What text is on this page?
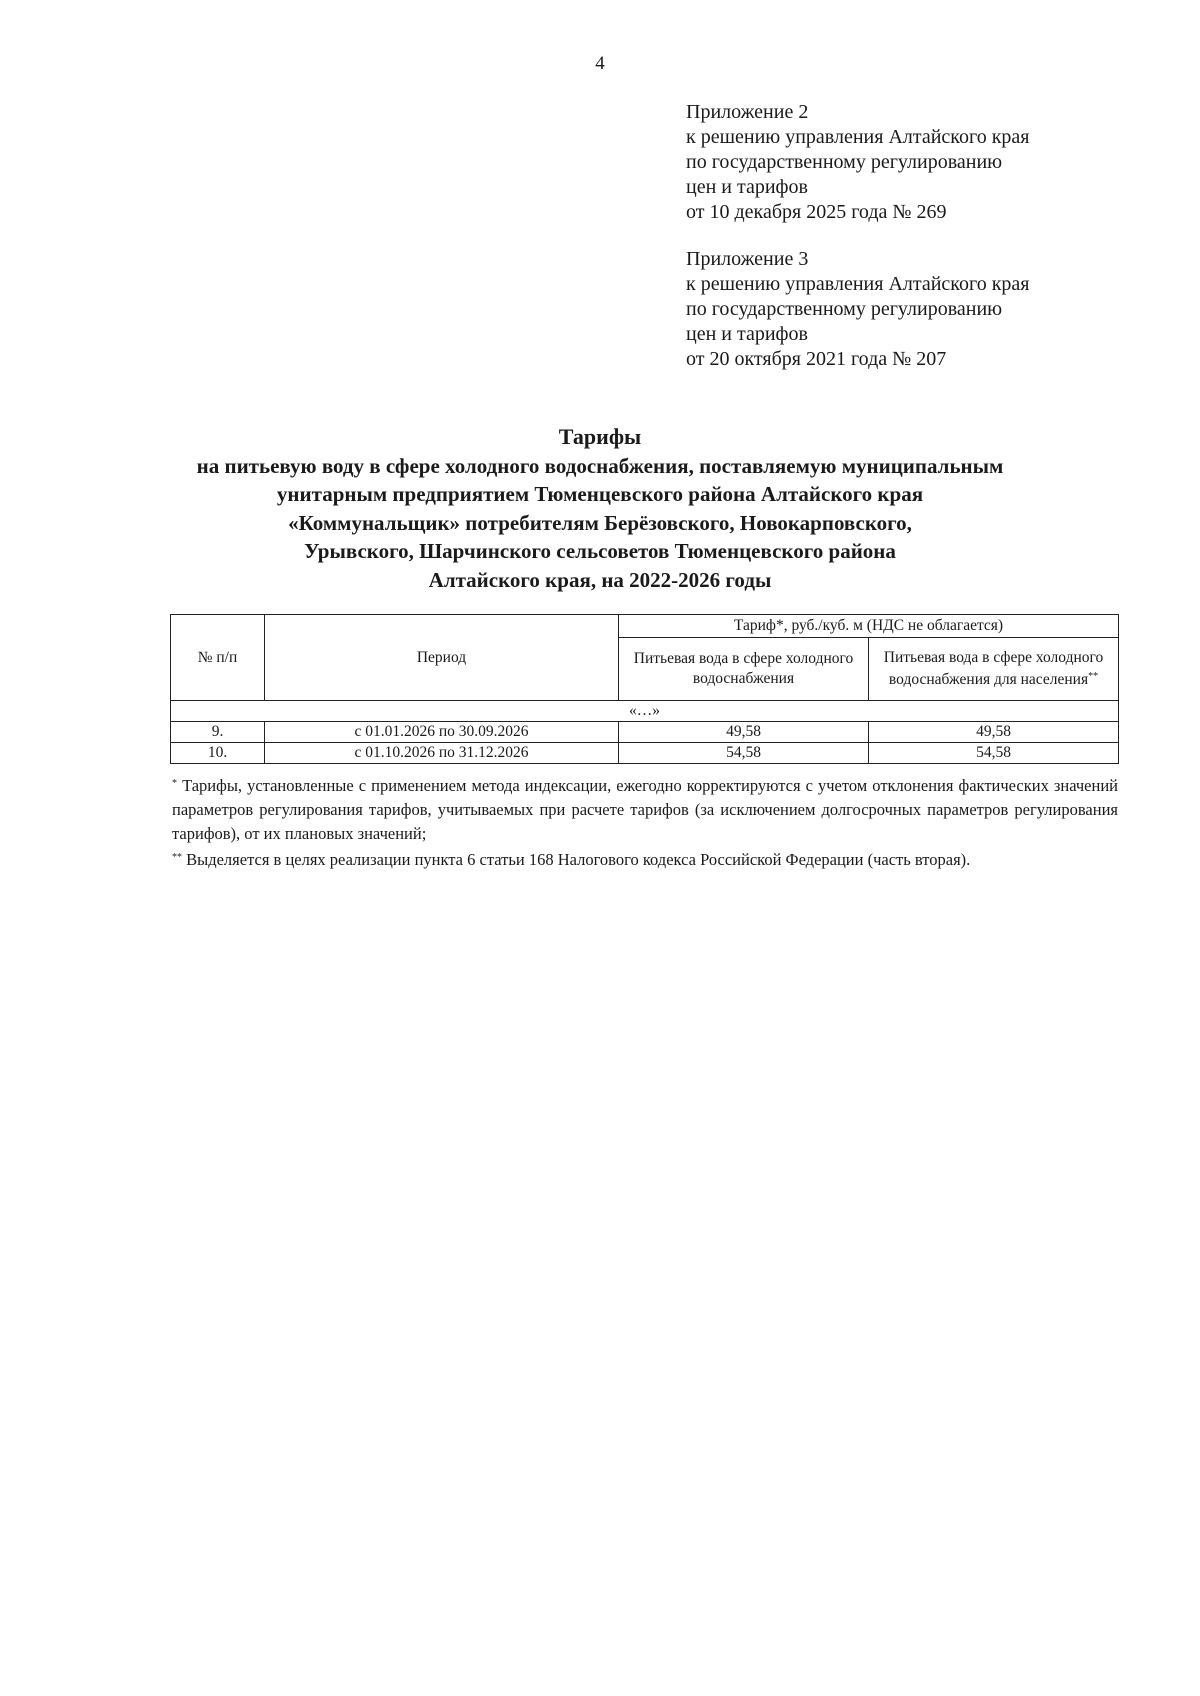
4
Приложение 2
к решению управления Алтайского края
по государственному регулированию
цен и тарифов
от 10 декабря 2025 года № 269
Приложение 3
к решению управления Алтайского края
по государственному регулированию
цен и тарифов
от 20 октября 2021 года № 207
Тарифы
на питьевую воду в сфере холодного водоснабжения, поставляемую муниципальным
унитарным предприятием Тюменцевского района Алтайского края
«Коммунальщик» потребителям Берёзовского, Новокарповского,
Урывского, Шарчинского сельсоветов Тюменцевского района
Алтайского края, на 2022-2026 годы
№ п/п	Период	Тариф*, руб./куб. м (НДС не облагается)	
		Питьевая вода в сфере холодного водоснабжения	Питьевая вода в сфере холодного водоснабжения для населения**
«…»			
9.	с 01.01.2026 по 30.09.2026	49,58	49,58
10.	с 01.10.2026 по 31.12.2026	54,58	54,58

* Тарифы, установленные с применением метода индексации, ежегодно корректируются с учетом отклонения фактических значений параметров регулирования тарифов, учитываемых при расчете тарифов (за исключением долгосрочных параметров регулирования тарифов), от их плановых значений;

** Выделяется в целях реализации пункта 6 статьи 168 Налогового кодекса Российской Федерации (часть вторая).
